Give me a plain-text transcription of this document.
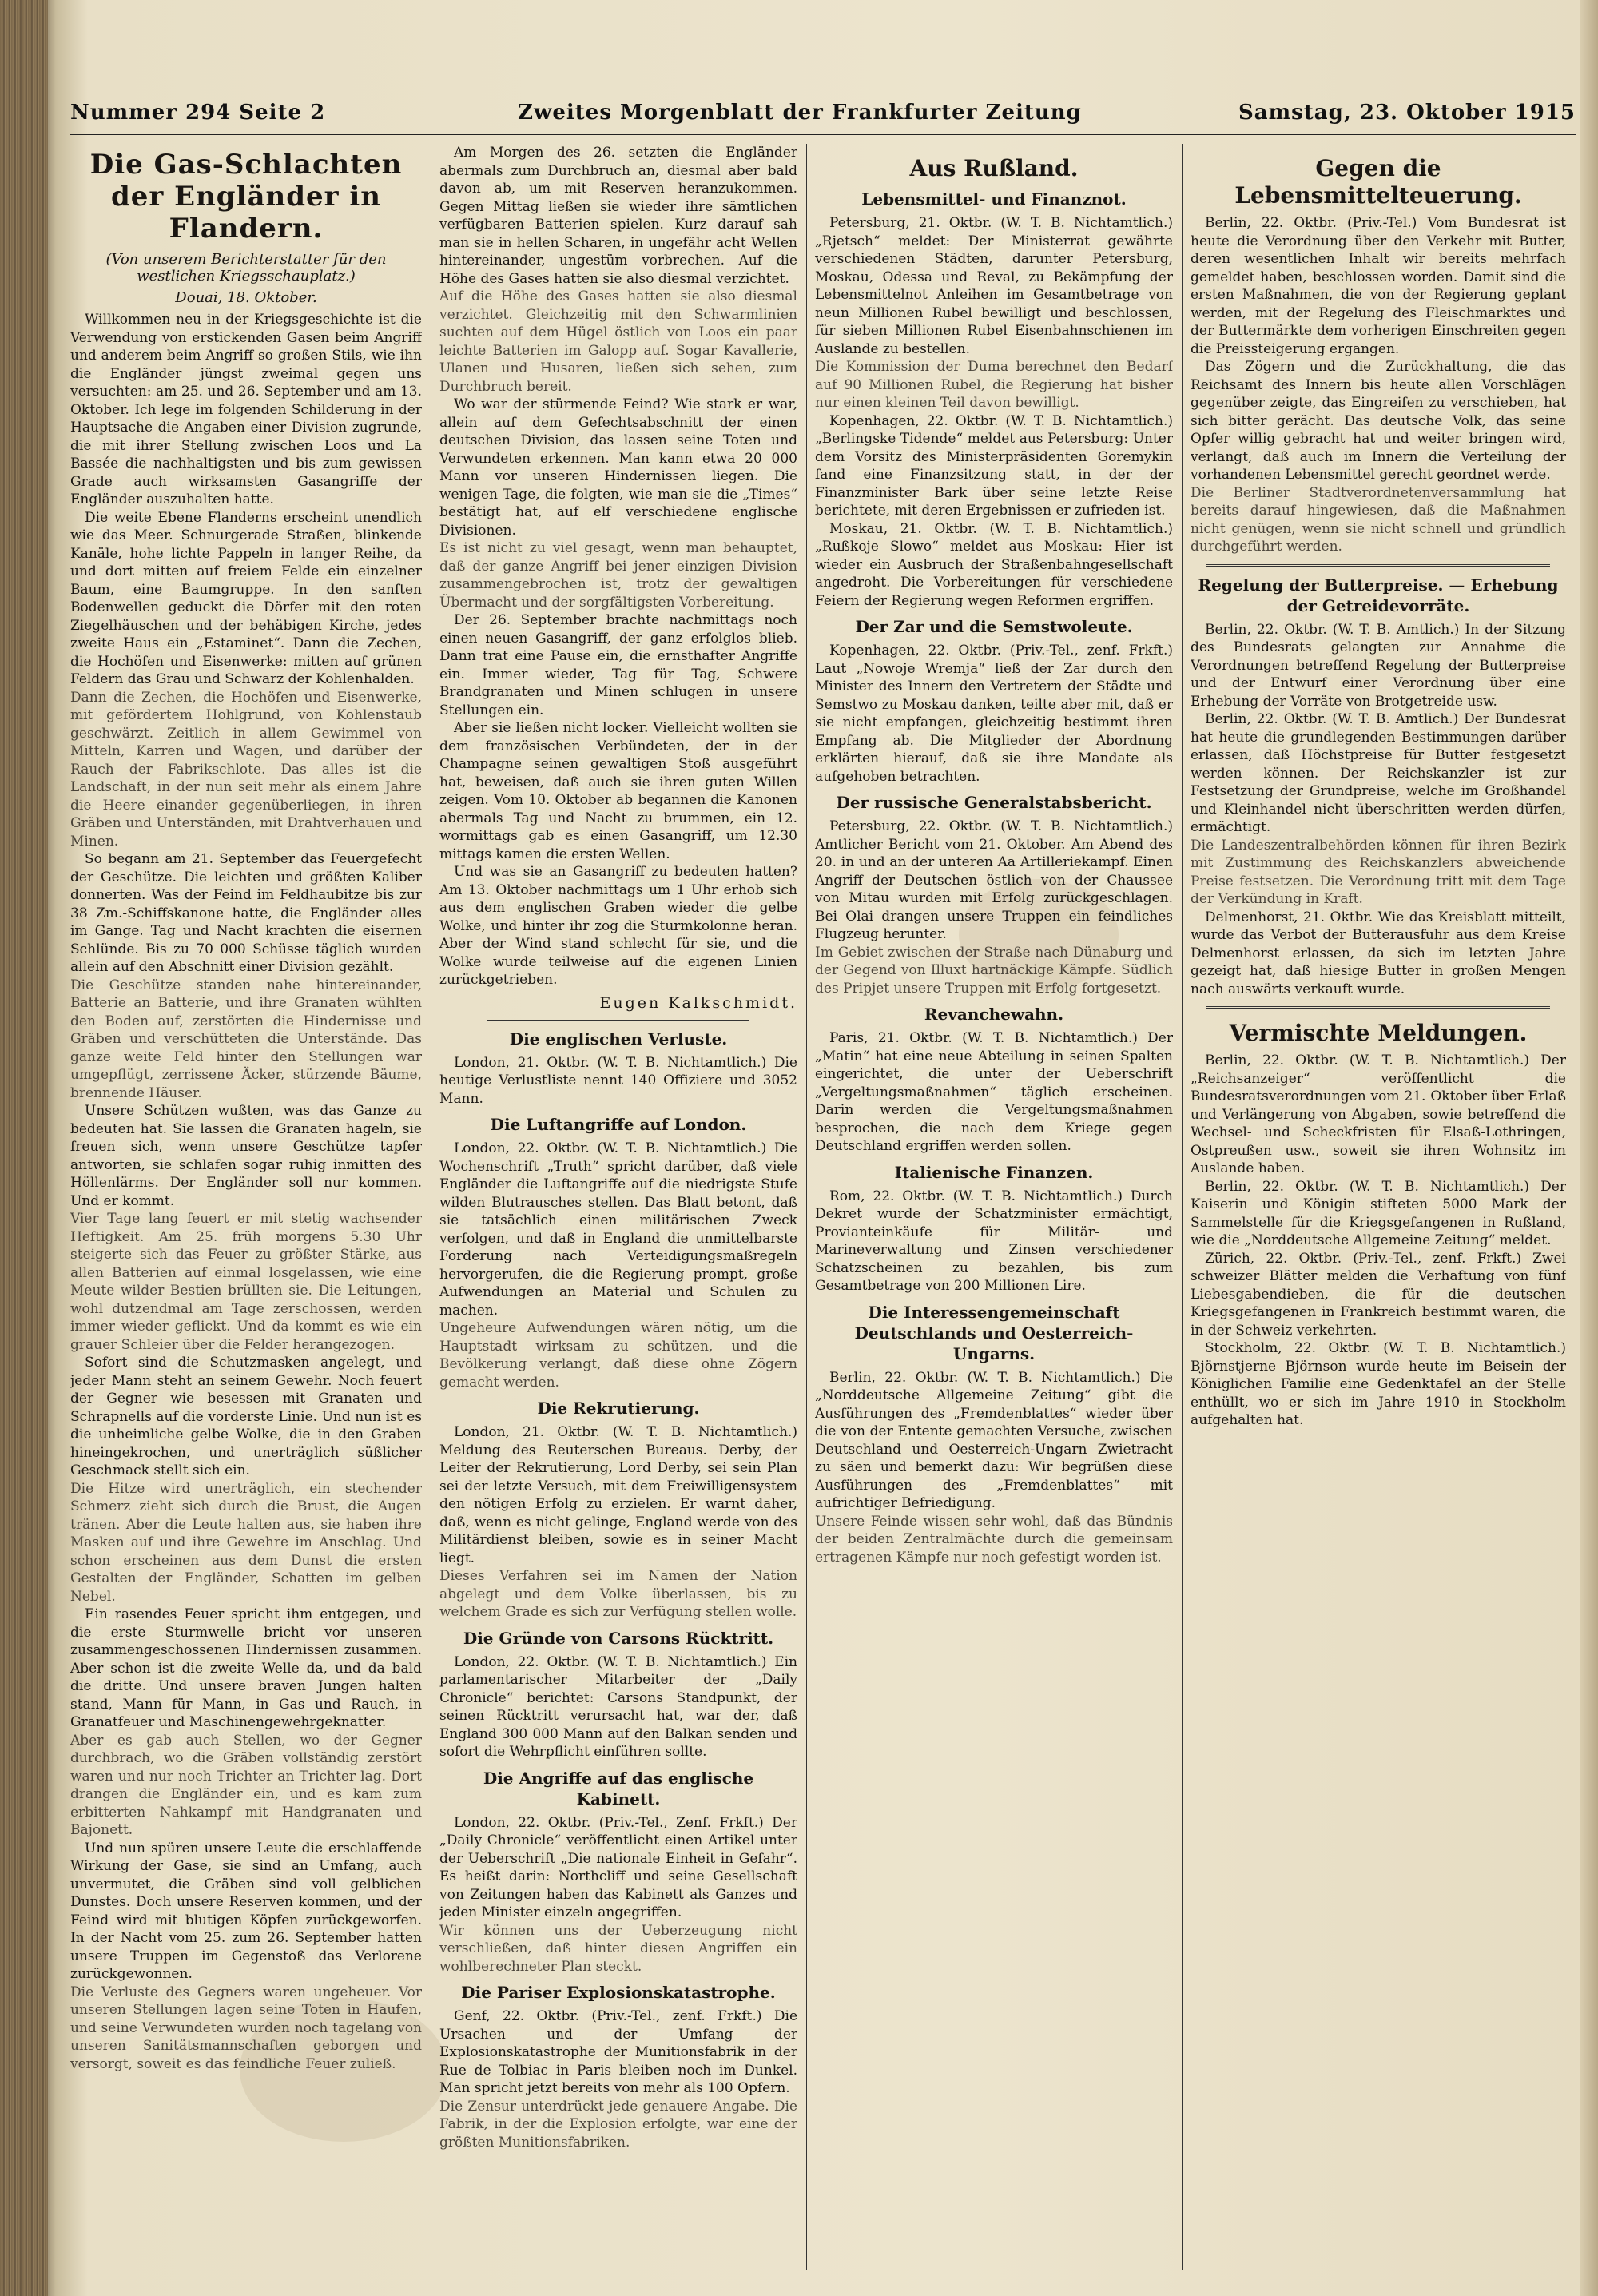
Nummer 294 Seite 2	Zweites Morgenblatt der Frankfurter Zeitung	Samstag, 23. Oktober 1915
Die Gas-Schlachten der Engländer in Flandern.
(Von unserem Berichterstatter für den westlichen Kriegsschauplatz.)
Douai, 18. Oktober.

Willkommen neu in der Kriegsgeschichte ist die Verwendung von erstickenden Gasen beim Angriff und anderem beim Angriff so großen Stils, wie ihn die Engländer jüngst zweimal gegen uns versuchten: am 25. und 26. September und am 13. Oktober. Ich lege im folgenden Schilderung in der Hauptsache die Angaben einer Division zugrunde, die mit ihrer Stellung zwischen Loos und La Bassée die nachhaltigsten und bis zum gewissen Grade auch wirksamsten Gasangriffe der Engländer auszuhalten hatte.

Die weite Ebene Flanderns erscheint unendlich wie das Meer. Schnurgerade Straßen, blinkende Kanäle, hohe lichte Pappeln in langer Reihe, da und dort mitten auf freiem Felde ein einzelner Baum, eine Baumgruppe. In den sanften Bodenwellen geduckt die Dörfer mit den roten Ziegelhäuschen und der behäbigen Kirche, jedes zweite Haus ein „Estaminet“. Dann die Zechen, die Hochöfen und Eisenwerke: mitten auf grünen Feldern das Grau und Schwarz der Kohlenhalden.

Dann die Zechen, die Hochöfen und Eisenwerke, mit gefördertem Hohlgrund, von Kohlenstaub geschwärzt. Zeitlich in allem Gewimmel von Mitteln, Karren und Wagen, und darüber der Rauch der Fabrikschlote. Das alles ist die Landschaft, in der nun seit mehr als einem Jahre die Heere einander gegenüberliegen, in ihren Gräben und Unterständen, mit Drahtverhauen und Minen.

So begann am 21. September das Feuergefecht der Geschütze. Die leichten und größten Kaliber donnerten. Was der Feind im Feldhaubitze bis zur 38 Zm.-Schiffskanone hatte, die Engländer alles im Gange. Tag und Nacht krachten die eisernen Schlünde. Bis zu 70 000 Schüsse täglich wurden allein auf den Abschnitt einer Division gezählt.

Die Geschütze standen nahe hintereinander, Batterie an Batterie, und ihre Granaten wühlten den Boden auf, zerstörten die Hindernisse und Gräben und verschütteten die Unterstände. Das ganze weite Feld hinter den Stellungen war umgepflügt, zerrissene Äcker, stürzende Bäume, brennende Häuser.

Unsere Schützen wußten, was das Ganze zu bedeuten hat. Sie lassen die Granaten hageln, sie freuen sich, wenn unsere Geschütze tapfer antworten, sie schlafen sogar ruhig inmitten des Höllenlärms. Der Engländer soll nur kommen. Und er kommt.

Vier Tage lang feuert er mit stetig wachsender Heftigkeit. Am 25. früh morgens 5.30 Uhr steigerte sich das Feuer zu größter Stärke, aus allen Batterien auf einmal losgelassen, wie eine Meute wilder Bestien brüllten sie. Die Leitungen, wohl dutzendmal am Tage zerschossen, werden immer wieder geflickt. Und da kommt es wie ein grauer Schleier über die Felder herangezogen.

Sofort sind die Schutzmasken angelegt, und jeder Mann steht an seinem Gewehr. Noch feuert der Gegner wie besessen mit Granaten und Schrapnells auf die vorderste Linie. Und nun ist es die unheimliche gelbe Wolke, die in den Graben hineingekrochen, und unerträglich süßlicher Geschmack stellt sich ein.

Die Hitze wird unerträglich, ein stechender Schmerz zieht sich durch die Brust, die Augen tränen. Aber die Leute halten aus, sie haben ihre Masken auf und ihre Gewehre im Anschlag. Und schon erscheinen aus dem Dunst die ersten Gestalten der Engländer, Schatten im gelben Nebel.

Ein rasendes Feuer spricht ihm entgegen, und die erste Sturmwelle bricht vor unseren zusammengeschossenen Hindernissen zusammen. Aber schon ist die zweite Welle da, und da bald die dritte. Und unsere braven Jungen halten stand, Mann für Mann, in Gas und Rauch, in Granatfeuer und Maschinengewehrgeknatter.

Aber es gab auch Stellen, wo der Gegner durchbrach, wo die Gräben vollständig zerstört waren und nur noch Trichter an Trichter lag. Dort drangen die Engländer ein, und es kam zum erbitterten Nahkampf mit Handgranaten und Bajonett.

Und nun spüren unsere Leute die erschlaffende Wirkung der Gase, sie sind an Umfang, auch unvermutet, die Gräben sind voll gelblichen Dunstes. Doch unsere Reserven kommen, und der Feind wird mit blutigen Köpfen zurückgeworfen. In der Nacht vom 25. zum 26. September hatten unsere Truppen im Gegenstoß das Verlorene zurückgewonnen.

Die Verluste des Gegners waren ungeheuer. Vor unseren Stellungen lagen seine Toten in Haufen, und seine Verwundeten wurden noch tagelang von unseren Sanitätsmannschaften geborgen und versorgt, soweit es das feindliche Feuer zuließ.

Am Morgen des 26. setzten die Engländer abermals zum Durchbruch an, diesmal aber bald davon ab, um mit Reserven heranzukommen. Gegen Mittag ließen sie wieder ihre sämtlichen verfügbaren Batterien spielen. Kurz darauf sah man sie in hellen Scharen, in ungefähr acht Wellen hintereinander, ungestüm vorbrechen. Auf die Höhe des Gases hatten sie also diesmal verzichtet.

Auf die Höhe des Gases hatten sie also diesmal verzichtet. Gleichzeitig mit den Schwarmlinien suchten auf dem Hügel östlich von Loos ein paar leichte Batterien im Galopp auf. Sogar Kavallerie, Ulanen und Husaren, ließen sich sehen, zum Durchbruch bereit.

Wo war der stürmende Feind? Wie stark er war, allein auf dem Gefechtsabschnitt der einen deutschen Division, das lassen seine Toten und Verwundeten erkennen. Man kann etwa 20 000 Mann vor unseren Hindernissen liegen. Die wenigen Tage, die folgten, wie man sie die „Times“ bestätigt hat, auf elf verschiedene englische Divisionen.

Es ist nicht zu viel gesagt, wenn man behauptet, daß der ganze Angriff bei jener einzigen Division zusammengebrochen ist, trotz der gewaltigen Übermacht und der sorgfältigsten Vorbereitung.

Der 26. September brachte nachmittags noch einen neuen Gasangriff, der ganz erfolglos blieb. Dann trat eine Pause ein, die ernsthafter Angriffe ein. Immer wieder, Tag für Tag, Schwere Brandgranaten und Minen schlugen in unsere Stellungen ein.

Aber sie ließen nicht locker. Vielleicht wollten sie dem französischen Verbündeten, der in der Champagne seinen gewaltigen Stoß ausgeführt hat, beweisen, daß auch sie ihren guten Willen zeigen. Vom 10. Oktober ab begannen die Kanonen abermals Tag und Nacht zu brummen, ein 12. wormittags gab es einen Gasangriff, um 12.30 mittags kamen die ersten Wellen.

Und was sie an Gasangriff zu bedeuten hatten? Am 13. Oktober nachmittags um 1 Uhr erhob sich aus dem englischen Graben wieder die gelbe Wolke, und hinter ihr zog die Sturmkolonne heran. Aber der Wind stand schlecht für sie, und die Wolke wurde teilweise auf die eigenen Linien zurückgetrieben.

Eugen Kalkschmidt.
Die englischen Verluste.

London, 21. Oktbr. (W. T. B. Nichtamtlich.) Die heutige Verlustliste nennt 140 Offiziere und 3052 Mann.

Die Luftangriffe auf London.

London, 22. Oktbr. (W. T. B. Nichtamtlich.) Die Wochenschrift „Truth“ spricht darüber, daß viele Engländer die Luftangriffe auf die niedrigste Stufe wilden Blutrausches stellen. Das Blatt betont, daß sie tatsächlich einen militärischen Zweck verfolgen, und daß in England die unmittelbarste Forderung nach Verteidigungsmaßregeln hervorgerufen, die die Regierung prompt, große Aufwendungen an Material und Schulen zu machen.

Ungeheure Aufwendungen wären nötig, um die Hauptstadt wirksam zu schützen, und die Bevölkerung verlangt, daß diese ohne Zögern gemacht werden.

Die Rekrutierung.

London, 21. Oktbr. (W. T. B. Nichtamtlich.) Meldung des Reuterschen Bureaus. Derby, der Leiter der Rekrutierung, Lord Derby, sei sein Plan sei der letzte Versuch, mit dem Freiwilligensystem den nötigen Erfolg zu erzielen. Er warnt daher, daß, wenn es nicht gelinge, England werde von des Militärdienst bleiben, sowie es in seiner Macht liegt.

Dieses Verfahren sei im Namen der Nation abgelegt und dem Volke überlassen, bis zu welchem Grade es sich zur Verfügung stellen wolle.

Die Gründe von Carsons Rücktritt.

London, 22. Oktbr. (W. T. B. Nichtamtlich.) Ein parlamentarischer Mitarbeiter der „Daily Chronicle“ berichtet: Carsons Standpunkt, der seinen Rücktritt verursacht hat, war der, daß England 300 000 Mann auf den Balkan senden und sofort die Wehrpflicht einführen sollte.

Die Angriffe auf das englische Kabinett.

London, 22. Oktbr. (Priv.-Tel., Zenf. Frkft.) Der „Daily Chronicle“ veröffentlicht einen Artikel unter der Ueberschrift „Die nationale Einheit in Gefahr“. Es heißt darin: Northcliff und seine Gesellschaft von Zeitungen haben das Kabinett als Ganzes und jeden Minister einzeln angegriffen.

Wir können uns der Ueberzeugung nicht verschließen, daß hinter diesen Angriffen ein wohlberechneter Plan steckt.

Die Pariser Explosionskatastrophe.

Genf, 22. Oktbr. (Priv.-Tel., zenf. Frkft.) Die Ursachen und der Umfang der Explosionskatastrophe der Munitionsfabrik in der Rue de Tolbiac in Paris bleiben noch im Dunkel. Man spricht jetzt bereits von mehr als 100 Opfern.

Die Zensur unterdrückt jede genauere Angabe. Die Fabrik, in der die Explosion erfolgte, war eine der größten Munitionsfabriken.

Aus Rußland.
Lebensmittel- und Finanznot.

Petersburg, 21. Oktbr. (W. T. B. Nichtamtlich.) „Rjetsch“ meldet: Der Ministerrat gewährte verschiedenen Städten, darunter Petersburg, Moskau, Odessa und Reval, zu Bekämpfung der Lebensmittelnot Anleihen im Gesamtbetrage von neun Millionen Rubel bewilligt und beschlossen, für sieben Millionen Rubel Eisenbahnschienen im Auslande zu bestellen.

Die Kommission der Duma berechnet den Bedarf auf 90 Millionen Rubel, die Regierung hat bisher nur einen kleinen Teil davon bewilligt.

Kopenhagen, 22. Oktbr. (W. T. B. Nichtamtlich.) „Berlingske Tidende“ meldet aus Petersburg: Unter dem Vorsitz des Ministerpräsidenten Goremykin fand eine Finanzsitzung statt, in der der Finanzminister Bark über seine letzte Reise berichtete, mit deren Ergebnissen er zufrieden ist.

Moskau, 21. Oktbr. (W. T. B. Nichtamtlich.) „Rußkoje Slowo“ meldet aus Moskau: Hier ist wieder ein Ausbruch der Straßenbahngesellschaft angedroht. Die Vorbereitungen für verschiedene Feiern der Regierung wegen Reformen ergriffen.

Der Zar und die Semstwoleute.

Kopenhagen, 22. Oktbr. (Priv.-Tel., zenf. Frkft.) Laut „Nowoje Wremja“ ließ der Zar durch den Minister des Innern den Vertretern der Städte und Semstwo zu Moskau danken, teilte aber mit, daß er sie nicht empfangen, gleichzeitig bestimmt ihren Empfang ab. Die Mitglieder der Abordnung erklärten hierauf, daß sie ihre Mandate als aufgehoben betrachten.

Der russische Generalstabsbericht.

Petersburg, 22. Oktbr. (W. T. B. Nichtamtlich.) Amtlicher Bericht vom 21. Oktober. Am Abend des 20. in und an der unteren Aa Artilleriekampf. Einen Angriff der Deutschen östlich von der Chaussee von Mitau wurden mit Erfolg zurückgeschlagen. Bei Olai drangen unsere Truppen ein feindliches Flugzeug herunter.

Im Gebiet zwischen der Straße nach Dünaburg und der Gegend von Illuxt hartnäckige Kämpfe. Südlich des Pripjet unsere Truppen mit Erfolg fortgesetzt.

Revanchewahn.

Paris, 21. Oktbr. (W. T. B. Nichtamtlich.) Der „Matin“ hat eine neue Abteilung in seinen Spalten eingerichtet, die unter der Ueberschrift „Vergeltungsmaßnahmen“ täglich erscheinen. Darin werden die Vergeltungsmaßnahmen besprochen, die nach dem Kriege gegen Deutschland ergriffen werden sollen.

Italienische Finanzen.

Rom, 22. Oktbr. (W. T. B. Nichtamtlich.) Durch Dekret wurde der Schatzminister ermächtigt, Provianteinkäufe für Militär- und Marineverwaltung und Zinsen verschiedener Schatzscheinen zu bezahlen, bis zum Gesamtbetrage von 200 Millionen Lire.

Die Interessengemeinschaft Deutschlands und Oesterreich-Ungarns.

Berlin, 22. Oktbr. (W. T. B. Nichtamtlich.) Die „Norddeutsche Allgemeine Zeitung“ gibt die Ausführungen des „Fremdenblattes“ wieder über die von der Entente gemachten Versuche, zwischen Deutschland und Oesterreich-Ungarn Zwietracht zu säen und bemerkt dazu: Wir begrüßen diese Ausführungen des „Fremdenblattes“ mit aufrichtiger Befriedigung.

Unsere Feinde wissen sehr wohl, daß das Bündnis der beiden Zentralmächte durch die gemeinsam ertragenen Kämpfe nur noch gefestigt worden ist.

Gegen die Lebensmittelteuerung.

Berlin, 22. Oktbr. (Priv.-Tel.) Vom Bundesrat ist heute die Verordnung über den Verkehr mit Butter, deren wesentlichen Inhalt wir bereits mehrfach gemeldet haben, beschlossen worden. Damit sind die ersten Maßnahmen, die von der Regierung geplant werden, mit der Regelung des Fleischmarktes und der Buttermärkte dem vorherigen Einschreiten gegen die Preissteigerung ergangen.

Das Zögern und die Zurückhaltung, die das Reichsamt des Innern bis heute allen Vorschlägen gegenüber zeigte, das Eingreifen zu verschieben, hat sich bitter gerächt. Das deutsche Volk, das seine Opfer willig gebracht hat und weiter bringen wird, verlangt, daß auch im Innern die Verteilung der vorhandenen Lebensmittel gerecht geordnet werde.

Die Berliner Stadtverordnetenversammlung hat bereits darauf hingewiesen, daß die Maßnahmen nicht genügen, wenn sie nicht schnell und gründlich durchgeführt werden.

Regelung der Butterpreise. — Erhebung der Getreidevorräte.

Berlin, 22. Oktbr. (W. T. B. Amtlich.) In der Sitzung des Bundesrats gelangten zur Annahme die Verordnungen betreffend Regelung der Butterpreise und der Entwurf einer Verordnung über eine Erhebung der Vorräte von Brotgetreide usw.

Berlin, 22. Oktbr. (W. T. B. Amtlich.) Der Bundesrat hat heute die grundlegenden Bestimmungen darüber erlassen, daß Höchstpreise für Butter festgesetzt werden können. Der Reichskanzler ist zur Festsetzung der Grundpreise, welche im Großhandel und Kleinhandel nicht überschritten werden dürfen, ermächtigt.

Die Landeszentralbehörden können für ihren Bezirk mit Zustimmung des Reichskanzlers abweichende Preise festsetzen. Die Verordnung tritt mit dem Tage der Verkündung in Kraft.

Delmenhorst, 21. Oktbr. Wie das Kreisblatt mitteilt, wurde das Verbot der Butterausfuhr aus dem Kreise Delmenhorst erlassen, da sich im letzten Jahre gezeigt hat, daß hiesige Butter in großen Mengen nach auswärts verkauft wurde.

Vermischte Meldungen.

Berlin, 22. Oktbr. (W. T. B. Nichtamtlich.) Der „Reichsanzeiger“ veröffentlicht die Bundesratsverordnungen vom 21. Oktober über Erlaß und Verlängerung von Abgaben, sowie betreffend die Wechsel- und Scheckfristen für Elsaß-Lothringen, Ostpreußen usw., soweit sie ihren Wohnsitz im Auslande haben.

Berlin, 22. Oktbr. (W. T. B. Nichtamtlich.) Der Kaiserin und Königin stifteten 5000 Mark der Sammelstelle für die Kriegsgefangenen in Rußland, wie die „Norddeutsche Allgemeine Zeitung“ meldet.

Zürich, 22. Oktbr. (Priv.-Tel., zenf. Frkft.) Zwei schweizer Blätter melden die Verhaftung von fünf Liebesgabendieben, die für die deutschen Kriegsgefangenen in Frankreich bestimmt waren, die in der Schweiz verkehrten.

Stockholm, 22. Oktbr. (W. T. B. Nichtamtlich.) Björnstjerne Björnson wurde heute im Beisein der Königlichen Familie eine Gedenktafel an der Stelle enthüllt, wo er sich im Jahre 1910 in Stockholm aufgehalten hat.
